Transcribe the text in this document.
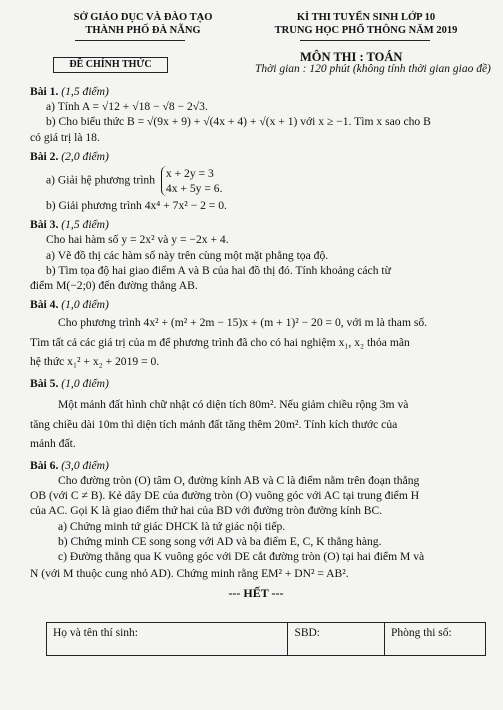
SỞ GIÁO DỤC VÀ ĐÀO TẠO
THÀNH PHỐ ĐÀ NẴNG
KÌ THI TUYỂN SINH LỚP 10
TRUNG HỌC PHỔ THÔNG NĂM 2019
ĐỀ CHÍNH THỨC
MÔN THI : TOÁN
Thời gian : 120 phút (không tính thời gian giao đề)
Bài 1. (1,5 điểm)
a) Tính A = √12 + √18 − √8 − 2√3.
b) Cho biểu thức B = √(9x + 9) + √(4x + 4) + √(x + 1) với x ≥ −1. Tìm x sao cho B
có giá trị là 18.
Bài 2. (2,0 điểm)
a) Giải hệ phương trình
x + 2y = 3
4x + 5y = 6.
b) Giải phương trình 4x⁴ + 7x² − 2 = 0.
Bài 3. (1,5 điểm)
Cho hai hàm số y = 2x² và y = −2x + 4.
a) Vẽ đồ thị các hàm số này trên cùng một mặt phẳng tọa độ.
b) Tìm tọa độ hai giao điểm A và B của hai đồ thị đó. Tính khoảng cách từ
điểm M(−2;0) đến đường thẳng AB.
Bài 4. (1,0 điểm)
Cho phương trình 4x² + (m² + 2m − 15)x + (m + 1)² − 20 = 0, với m là tham số.
Tìm tất cả các giá trị của m để phương trình đã cho có hai nghiệm x₁, x₂ thỏa mãn
hệ thức x₁² + x₂ + 2019 = 0.
Bài 5. (1,0 điểm)
Một mảnh đất hình chữ nhật có diện tích 80m². Nếu giảm chiều rộng 3m và
tăng chiều dài 10m thì diện tích mảnh đất tăng thêm 20m². Tính kích thước của
mảnh đất.
Bài 6. (3,0 điểm)
Cho đường tròn (O) tâm O, đường kính AB và C là điểm nằm trên đoạn thẳng
OB (với C ≠ B). Kẻ dây DE của đường tròn (O) vuông góc với AC tại trung điểm H
của AC. Gọi K là giao điểm thứ hai của BD với đường tròn đường kính BC.
a) Chứng minh tứ giác DHCK là tứ giác nội tiếp.
b) Chứng minh CE song song với AD và ba điểm E, C, K thẳng hàng.
c) Đường thẳng qua K vuông góc với DE cắt đường tròn (O) tại hai điểm M và
N (với M thuộc cung nhỏ AD). Chứng minh rằng EM² + DN² = AB².
--- HẾT ---
Họ và tên thí sinh:	SBD:	Phòng thi số:
